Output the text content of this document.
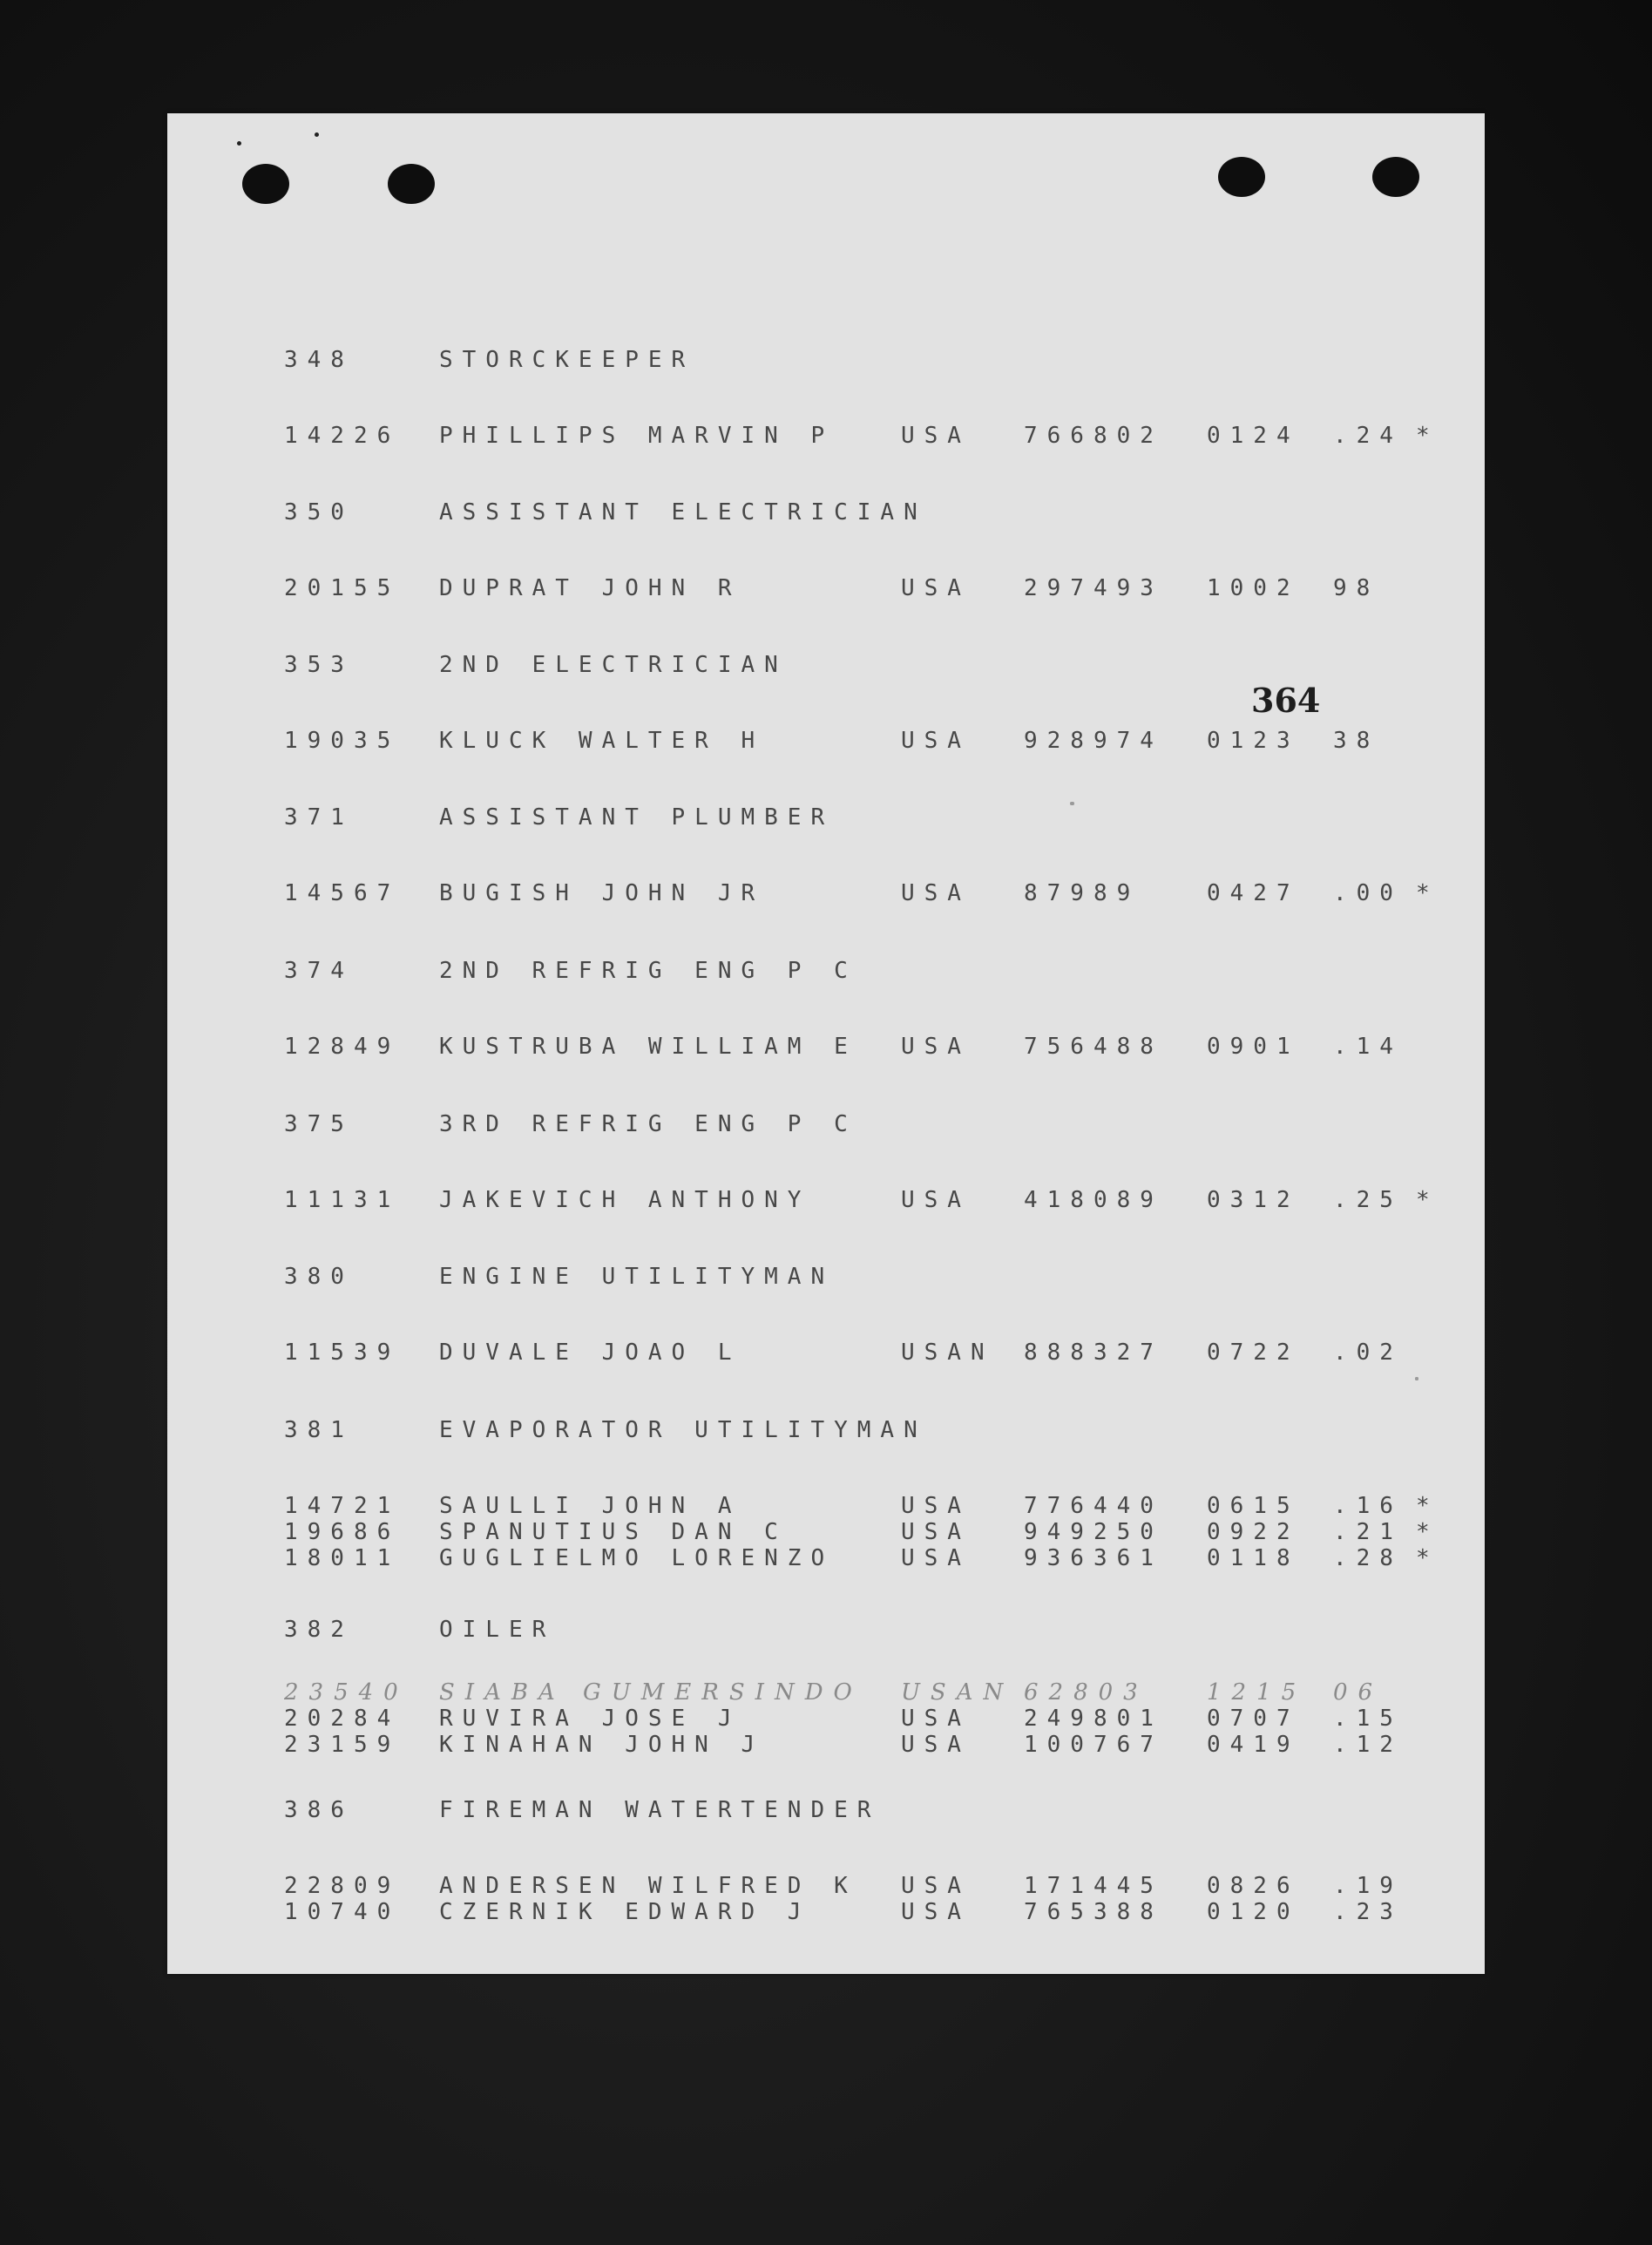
364
348	STORCKEEPER
14226 PHILLIPS MARVIN P	USA 766802 0124 .24 *
350	ASSISTANT ELECTRICIAN
20155 DUPRAT JOHN R	USA 297493 1002 98
353	2ND ELECTRICIAN
19035 KLUCK WALTER H	USA 928974 0123 38
371	ASSISTANT PLUMBER
14567 BUGISH JOHN JR	USA 87989	0427 .00 *
374	2ND REFRIG ENG P C
12849 KUSTRUBA WILLIAM E USA 756488 0901 .14
375	3RD REFRIG ENG P C
11131 JAKEVICH ANTHONY	USA 418089 0312 .25 *
380	ENGINE UTILITYMAN
11539 DUVALE JOAO L	USAN 888327 0722 .02
381	EVAPORATOR UTILITYMAN
14721 SAULLI JOHN A	USA 776440 0615 .16 *
19686 SPANUTIUS DAN C	USA 949250 0922 .21 *
18011 GUGLIELMO LORENZO	USA 936361 0118 .28 *
382	OILER
23540 SIABA GUMERSINDO USAN 62803	1215 06
20284 RUVIRA JOSE J	USA 249801 0707 .15
23159 KINAHAN JOHN J	USA 100767 0419 .12
386	FIREMAN WATERTENDER
22809 ANDERSEN WILFRED K USA 171445 0826 .19
10740 CZERNIK EDWARD J	USA 765388 0120 .23
